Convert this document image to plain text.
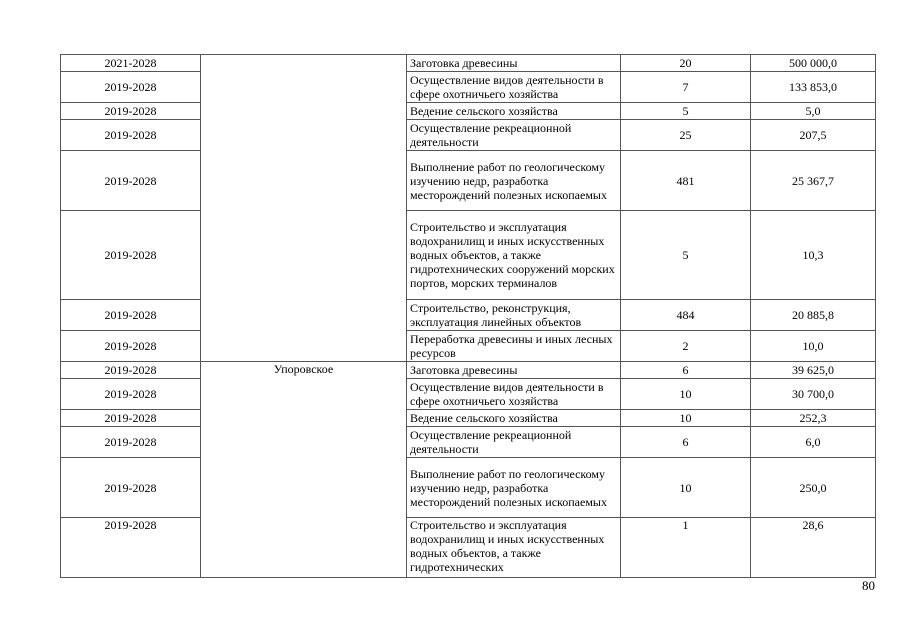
2021-2028		Заготовка древесины	20	500 000,0
2019-2028		Осуществление видов деятельности в сфере охотничьего хозяйства	7	133 853,0
2019-2028		Ведение сельского хозяйства	5	5,0
2019-2028		Осуществление рекреационной деятельности	25	207,5
2019-2028		Выполнение работ по геологическому изучению недр, разработка месторождений полезных ископаемых	481	25 367,7
2019-2028		Строительство и эксплуатация водохранилищ и иных искусственных водных объектов, а также гидротехнических сооружений морских портов, морских терминалов	5	10,3
2019-2028		Строительство, реконструкция, эксплуатация линейных объектов	484	20 885,8
2019-2028		Переработка древесины и иных лесных ресурсов	2	10,0
2019-2028	Упоровское	Заготовка древесины	6	39 625,0
2019-2028		Осуществление видов деятельности в сфере охотничьего хозяйства	10	30 700,0
2019-2028		Ведение сельского хозяйства	10	252,3
2019-2028		Осуществление рекреационной деятельности	6	6,0
2019-2028		Выполнение работ по геологическому изучению недр, разработка месторождений полезных ископаемых	10	250,0
2019-2028		Строительство и эксплуатация водохранилищ и иных искусственных водных объектов, а также гидротехнических	1	28,6
80
